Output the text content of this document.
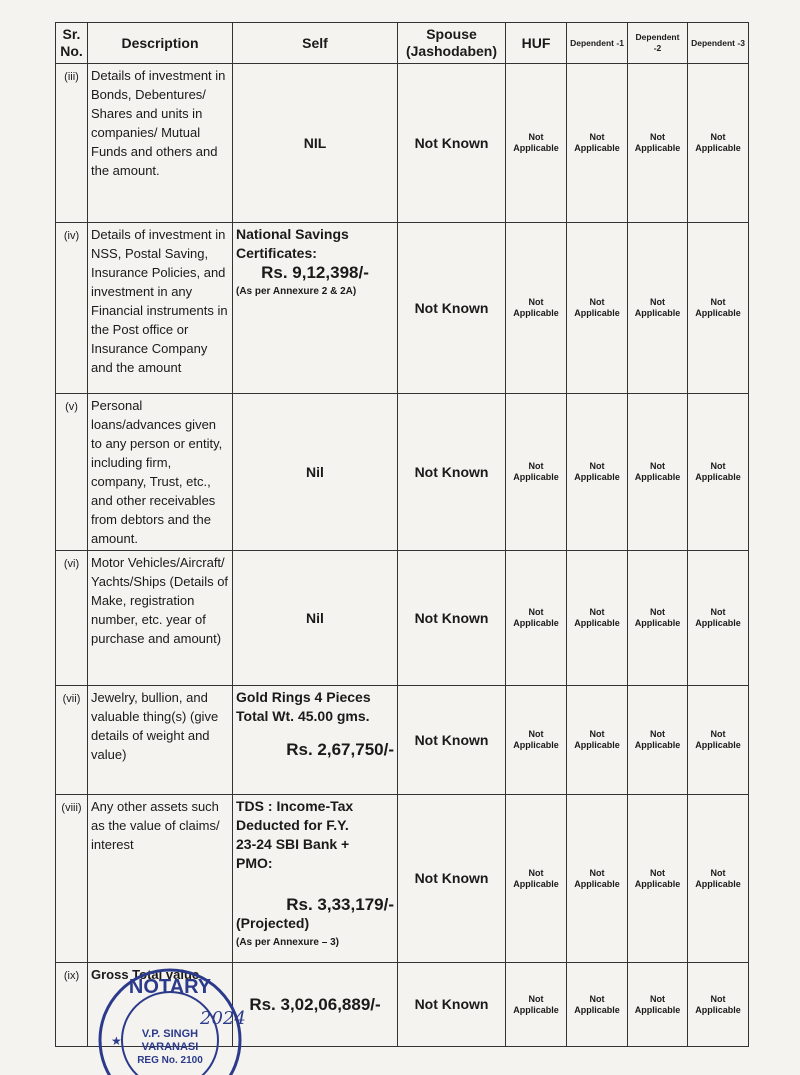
Sr. No.	Description	Self	Spouse (Jashodaben)	HUF	Dependent -1	Dependent -2	Dependent -3
(iii)	Details of investment in Bonds, Debentures/ Shares and units in companies/ Mutual Funds and others and the amount.	NIL	Not Known	Not Applicable	Not Applicable	Not Applicable	Not Applicable
(iv)	Details of investment in NSS, Postal Saving, Insurance Policies, and investment in any Financial instruments in the Post office or Insurance Company and the amount	National Savings Certificates:
Rs. 9,12,398/-
(As per Annexure 2 & 2A)	Not Known	Not Applicable	Not Applicable	Not Applicable	Not Applicable
(v)	Personal loans/advances given to any person or entity, including firm, company, Trust, etc., and other receivables from debtors and the amount.	Nil	Not Known	Not Applicable	Not Applicable	Not Applicable	Not Applicable
(vi)	Motor Vehicles/Aircraft/ Yachts/Ships (Details of Make, registration number, etc. year of purchase and amount)	Nil	Not Known	Not Applicable	Not Applicable	Not Applicable	Not Applicable
(vii)	Jewelry, bullion, and valuable thing(s) (give details of weight and value)	Gold Rings 4 Pieces Total Wt. 45.00 gms.
Rs. 2,67,750/-	Not Known	Not Applicable	Not Applicable	Not Applicable	Not Applicable
(viii)	Any other assets such as the value of claims/ interest	TDS : Income-Tax Deducted for F.Y. 23-24 SBI Bank + PMO:
Rs. 3,33,179/-
(Projected)
(As per Annexure – 3)	Not Known	Not Applicable	Not Applicable	Not Applicable	Not Applicable
(ix)	Gross Total value	Rs. 3,02,06,889/-	Not Known	Not Applicable	Not Applicable	Not Applicable	Not Applicable
NOTARY
V.P. SINGH
VARANASI
REG No. 2100
★
2024
